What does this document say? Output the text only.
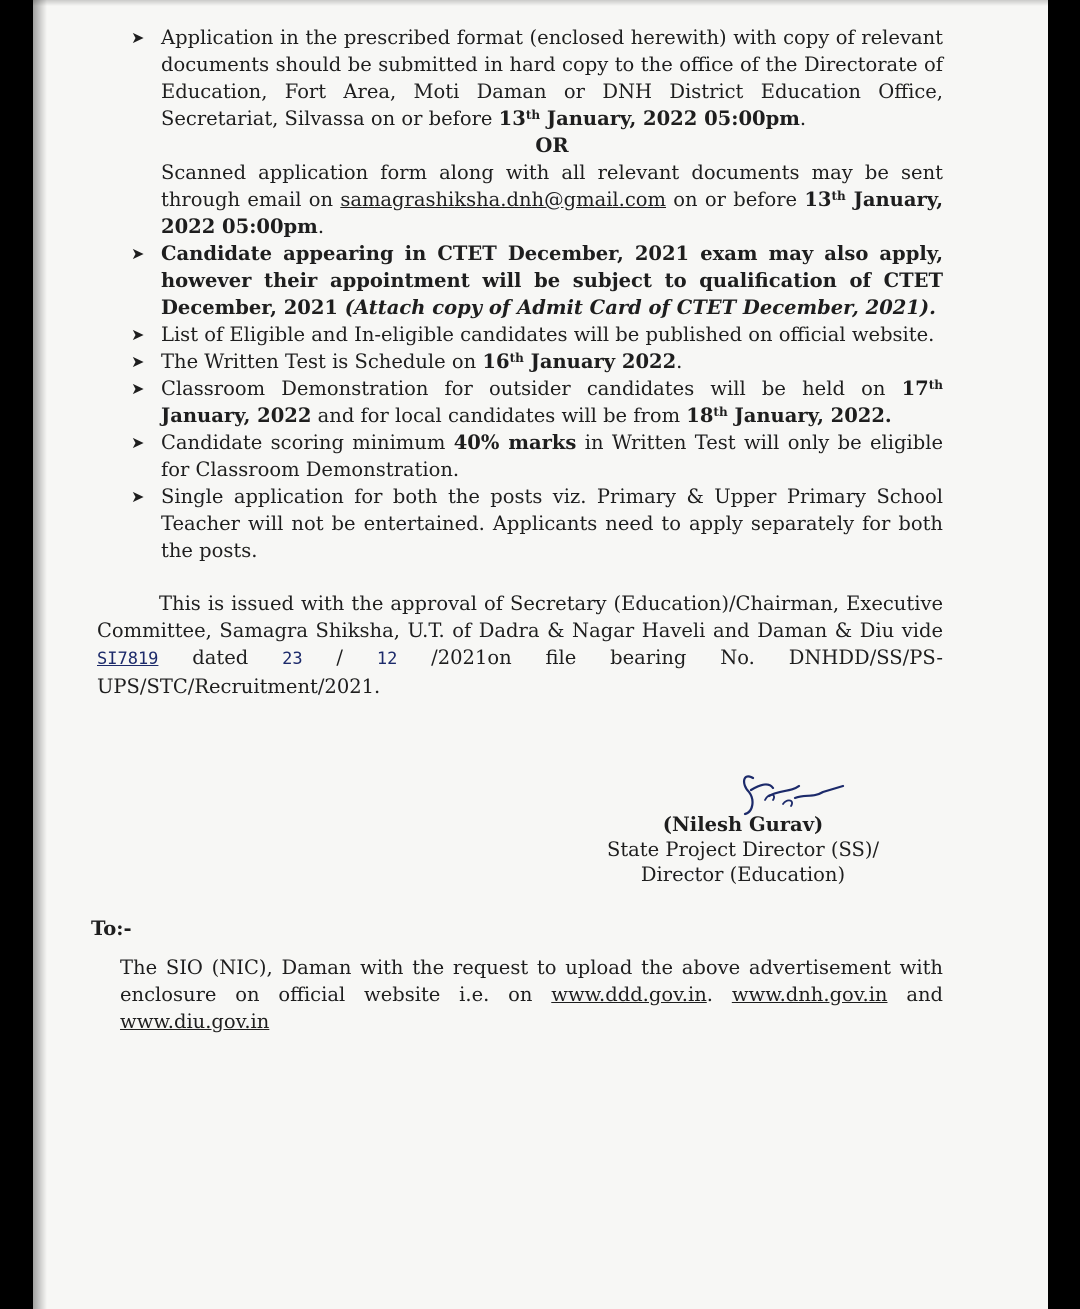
➤ Application in the prescribed format (enclosed herewith) with copy of relevant documents should be submitted in hard copy to the office of the Directorate of Education, Fort Area, Moti Daman or DNH District Education Office, Secretariat, Silvassa on or before 13th January, 2022 05:00pm.
OR
Scanned application form along with all relevant documents may be sent through email on samagrashiksha.dnh@gmail.com on or before 13th January, 2022 05:00pm.
➤ Candidate appearing in CTET December, 2021 exam may also apply, however their appointment will be subject to qualification of CTET December, 2021 (Attach copy of Admit Card of CTET December, 2021).
➤ List of Eligible and In-eligible candidates will be published on official website.
➤ The Written Test is Schedule on 16th January 2022.
➤ Classroom Demonstration for outsider candidates will be held on 17th January, 2022 and for local candidates will be from 18th January, 2022.
➤ Candidate scoring minimum 40% marks in Written Test will only be eligible for Classroom Demonstration.
➤ Single application for both the posts viz. Primary & Upper Primary School Teacher will not be entertained. Applicants need to apply separately for both the posts.

This is issued with the approval of Secretary (Education)/Chairman, Executive Committee, Samagra Shiksha, U.T. of Dadra & Nagar Haveli and Daman & Diu vide SI7819 dated 23 / 12 /2021on file bearing No. DNHDD/SS/PS-UPS/STC/Recruitment/2021.

(Nilesh Gurav)
State Project Director (SS)/
Director (Education)
To:-
The SIO (NIC), Daman with the request to upload the above advertisement with enclosure on official website i.e. on www.ddd.gov.in. www.dnh.gov.in and www.diu.gov.in
